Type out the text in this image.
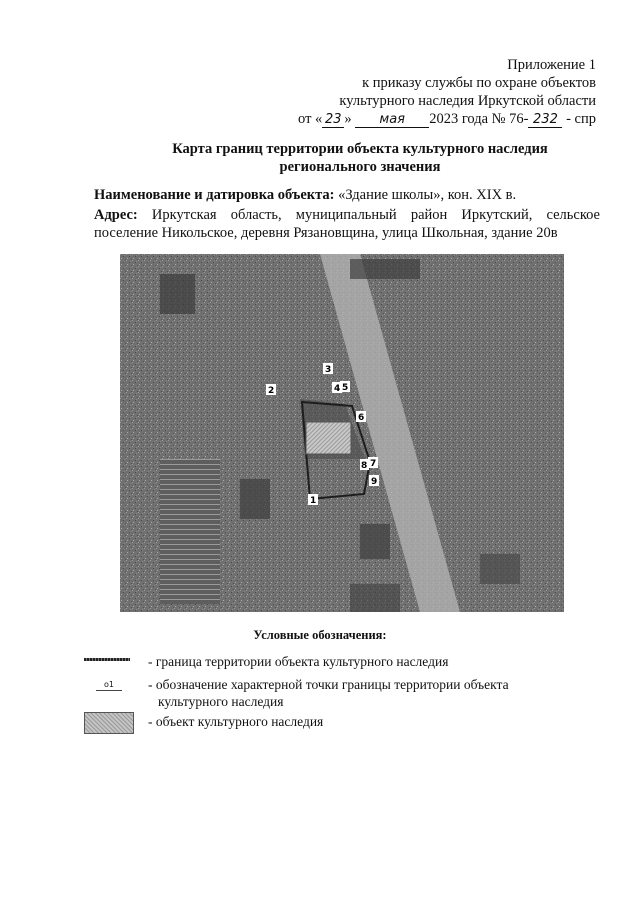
Приложение 1
к приказу службы по охране объектов
культурного наследия Иркутской области
от « 23 » мая 2023 года № 76- 232 - спр
Карта границ территории объекта культурного наследия
регионального значения
Наименование и датировка объекта: «Здание школы», кон. XIX в.
Адрес: Иркутская область, муниципальный район Иркутский, сельское поселение Никольское, деревня Рязановщина, улица Школьная, здание 20в
1
2
3
4 5
6
7
8
9
Условные обозначения:
- граница территории объекта культурного наследия
о1	- обозначение характерной точки границы территории объекта
культурного наследия
- объект культурного наследия
